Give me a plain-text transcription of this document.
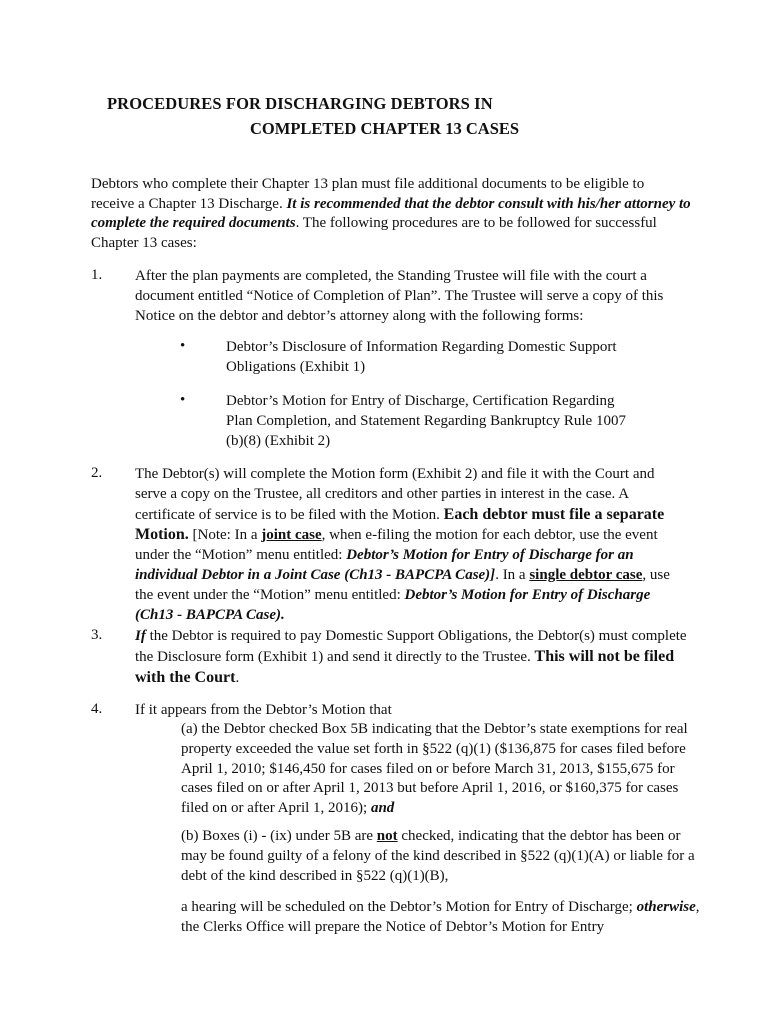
PROCEDURES FOR DISCHARGING DEBTORS IN
COMPLETED CHAPTER 13 CASES
Debtors who complete their Chapter 13 plan must file additional documents to be eligible to receive a Chapter 13 Discharge. It is recommended that the debtor consult with his/her attorney to complete the required documents. The following procedures are to be followed for successful Chapter 13 cases:
1. After the plan payments are completed, the Standing Trustee will file with the court a document entitled “Notice of Completion of Plan”. The Trustee will serve a copy of this Notice on the debtor and debtor’s attorney along with the following forms:
•	Debtor’s Disclosure of Information Regarding Domestic Support Obligations (Exhibit 1)
•	Debtor’s Motion for Entry of Discharge, Certification Regarding Plan Completion, and Statement Regarding Bankruptcy Rule 1007 (b)(8) (Exhibit 2)
2. The Debtor(s) will complete the Motion form (Exhibit 2) and file it with the Court and serve a copy on the Trustee, all creditors and other parties in interest in the case. A certificate of service is to be filed with the Motion. Each debtor must file a separate Motion. [Note: In a joint case, when e-filing the motion for each debtor, use the event under the “Motion” menu entitled: Debtor’s Motion for Entry of Discharge for an individual Debtor in a Joint Case (Ch13 - BAPCPA Case)]. In a single debtor case, use the event under the “Motion” menu entitled: Debtor’s Motion for Entry of Discharge (Ch13 - BAPCPA Case).
3. If the Debtor is required to pay Domestic Support Obligations, the Debtor(s) must complete the Disclosure form (Exhibit 1) and send it directly to the Trustee. This will not be filed with the Court.
4. If it appears from the Debtor’s Motion that
(a) the Debtor checked Box 5B indicating that the Debtor’s state exemptions for real property exceeded the value set forth in §522 (q)(1) ($136,875 for cases filed before April 1, 2010; $146,450 for cases filed on or before March 31, 2013, $155,675 for cases filed on or after April 1, 2013 but before April 1, 2016, or $160,375 for cases filed on or after April 1, 2016); and
(b) Boxes (i) - (ix) under 5B are not checked, indicating that the debtor has been or may be found guilty of a felony of the kind described in §522 (q)(1)(A) or liable for a debt of the kind described in §522 (q)(1)(B),
a hearing will be scheduled on the Debtor’s Motion for Entry of Discharge; otherwise, the Clerks Office will prepare the Notice of Debtor’s Motion for Entry
